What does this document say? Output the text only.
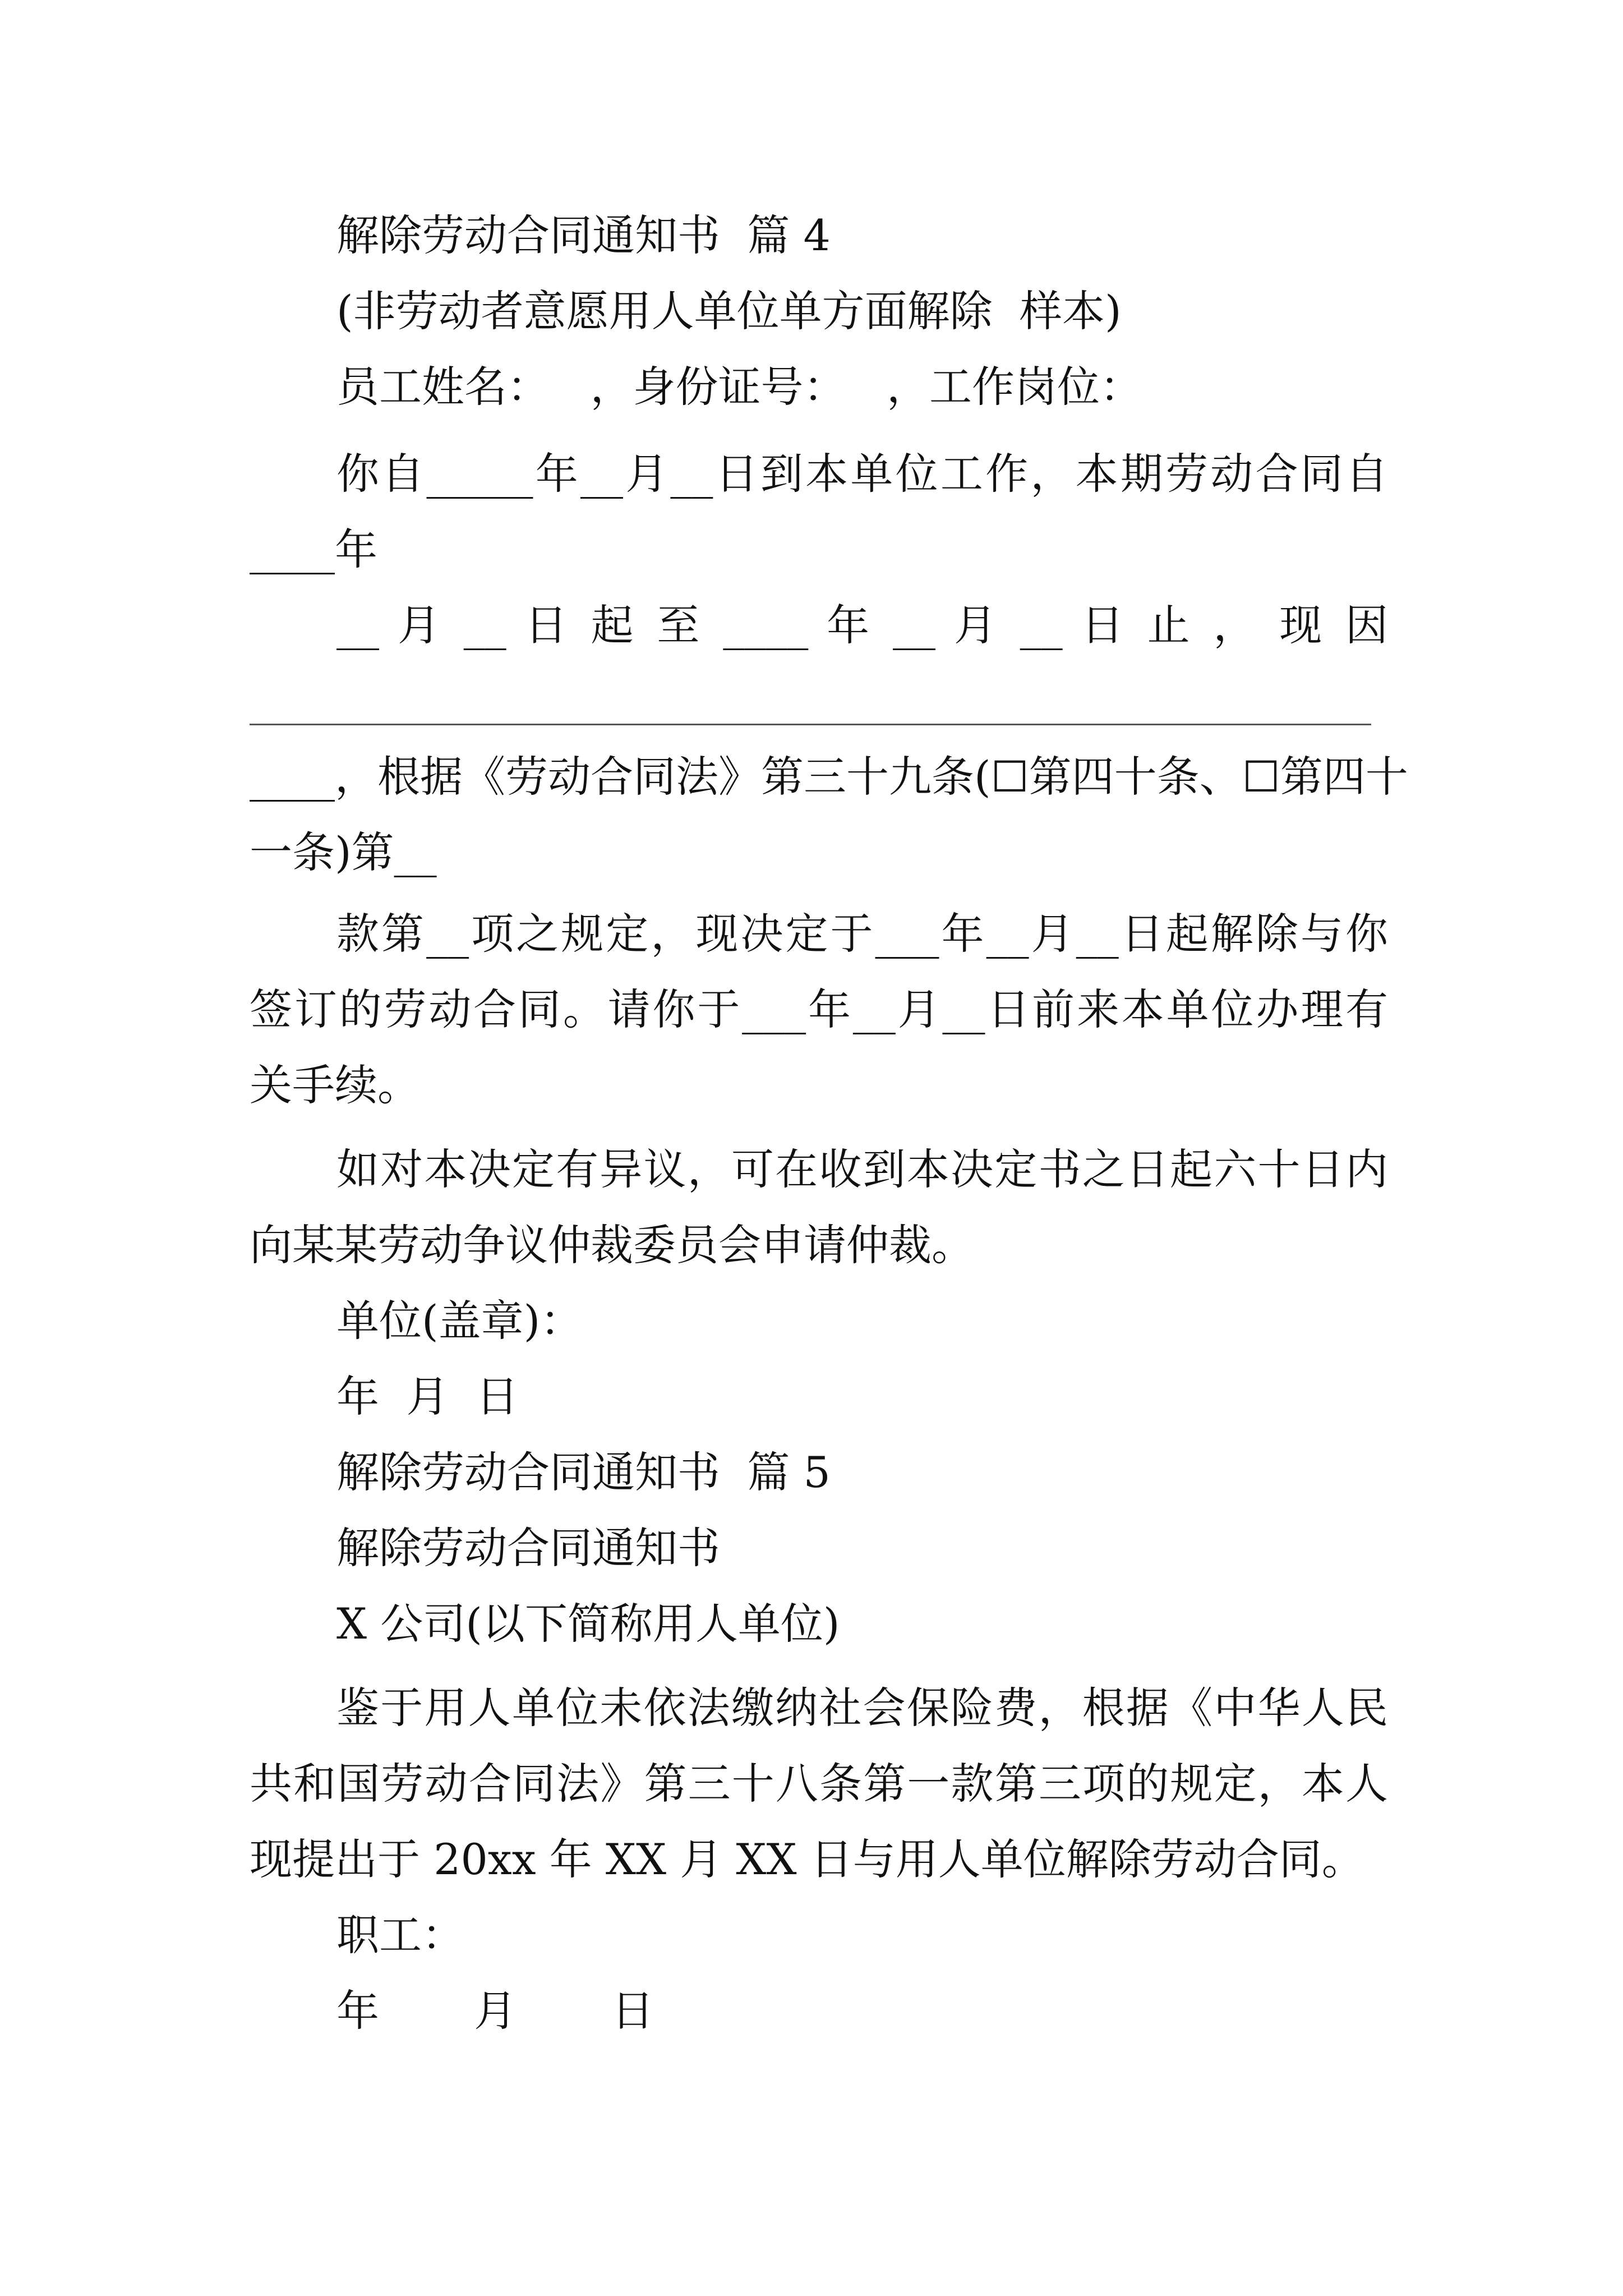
解除劳动合同通知书  篇 4

(非劳动者意愿用人单位单方面解除  样本)

员工姓名：   ，身份证号：   ，工作岗位：

你自_____年__月__日到本单位工作，本期劳动合同自

____年

__ 月 __ 日 起 至 ____ 年 __ 月 __ 日 止 ， 现 因

____，根据《劳动合同法》第三十九条(☐第四十条、☐第四十

一条)第__

款第__项之规定，现决定于___年__月__日起解除与你

签订的劳动合同。请你于___年__月__日前来本单位办理有

关手续。

如对本决定有异议，可在收到本决定书之日起六十日内

向某某劳动争议仲裁委员会申请仲裁。

单位(盖章)：

年  月  日

解除劳动合同通知书  篇 5

解除劳动合同通知书

X 公司(以下简称用人单位)

鉴于用人单位未依法缴纳社会保险费，根据《中华人民

共和国劳动合同法》第三十八条第一款第三项的规定，本人

现提出于 20xx 年 XX 月 XX 日与用人单位解除劳动合同。

职工：

年       月       日
